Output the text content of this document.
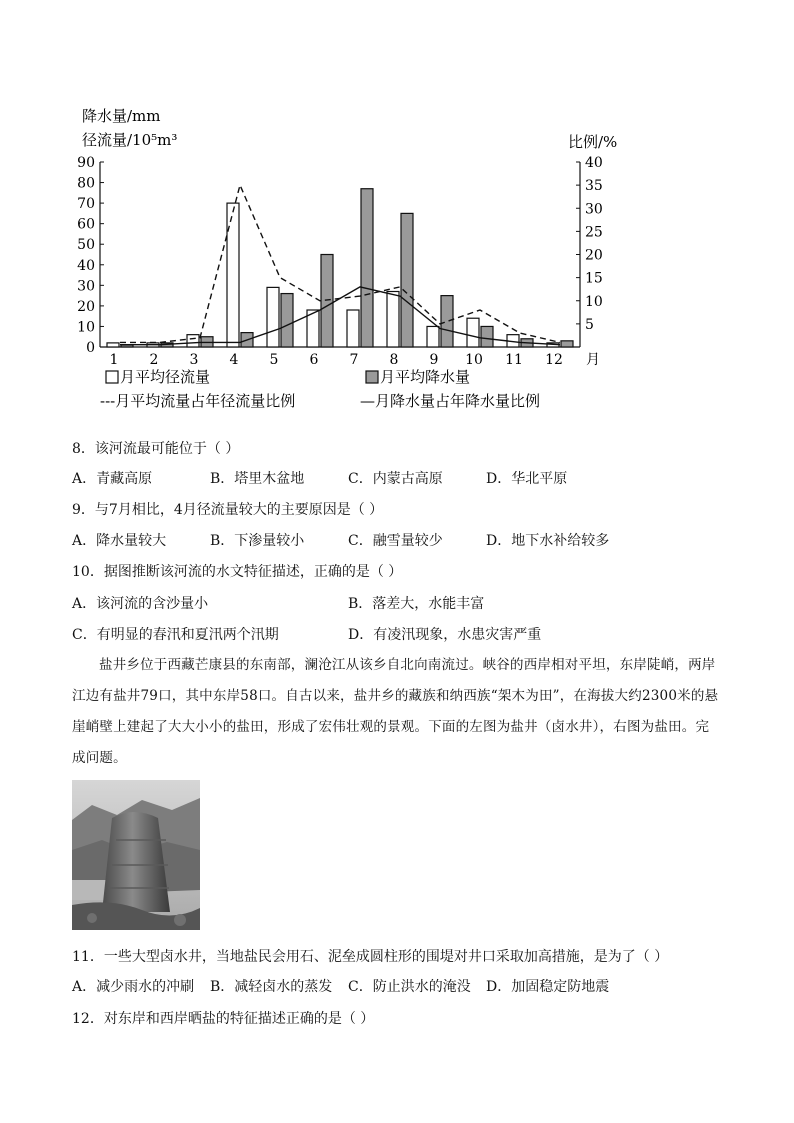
降水量/mm
径流量/10⁵m³	比例/%
0
10
20
30
40
50
60
70
80
90
5
10
15
20
25
30
35
40
1 2 3 4 5 6 7 8 9 10 11 12 月
月平均径流量	月平均降水量
---月平均流量占年径流量比例	—月降水量占年降水量比例
8．该河流最可能位于（ ）
A．青藏高原	B．塔里木盆地	C．内蒙古高原	D．华北平原
9．与7月相比，4月径流量较大的主要原因是（ ）
A．降水量较大	B．下渗量较小	C．融雪量较少	D．地下水补给较多
10．据图推断该河流的水文特征描述，正确的是（ ）
A．该河流的含沙量小	B．落差大，水能丰富
C．有明显的春汛和夏汛两个汛期	D．有凌汛现象，水患灾害严重
盐井乡位于西藏芒康县的东南部，澜沧江从该乡自北向南流过。峡谷的西岸相对平坦，东岸陡峭，两岸江边有盐井79口，其中东岸58口。自古以来，盐井乡的藏族和纳西族“架木为田”，在海拔大约2300米的悬崖峭壁上建起了大大小小的盐田，形成了宏伟壮观的景观。下面的左图为盐井（卤水井），右图为盐田。完成问题。
11．一些大型卤水井，当地盐民会用石、泥垒成圆柱形的围堤对井口采取加高措施，是为了（ ）
A．减少雨水的冲刷 B．减轻卤水的蒸发 C．防止洪水的淹没 D．加固稳定防地震
12．对东岸和西岸晒盐的特征描述正确的是（ ）
